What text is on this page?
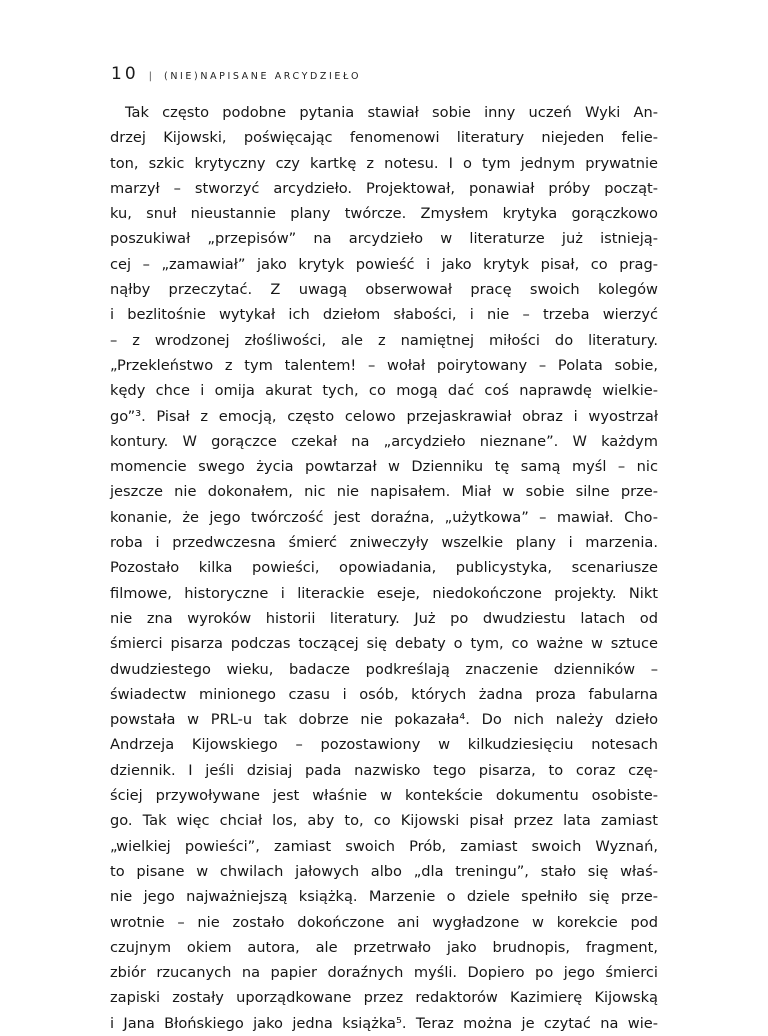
10 | (NIE)NAPISANE ARCYDZIEŁO
Tak często podobne pytania stawiał sobie inny uczeń Wyki An-
drzej Kijowski, poświęcając fenomenowi literatury niejeden felie-
ton, szkic krytyczny czy kartkę z notesu. I o tym jednym prywatnie
marzył – stworzyć arcydzieło. Projektował, ponawiał próby począt-
ku, snuł nieustannie plany twórcze. Zmysłem krytyka gorączkowo
poszukiwał „przepisów” na arcydzieło w literaturze już istnieją-
cej – „zamawiał” jako krytyk powieść i jako krytyk pisał, co prag-
nąłby przeczytać. Z uwagą obserwował pracę swoich kolegów
i bezlitośnie wytykał ich dziełom słabości, i nie – trzeba wierzyć
– z wrodzonej złośliwości, ale z namiętnej miłości do literatury.
„Przekleństwo z tym talentem! – wołał poirytowany – Polata sobie,
kędy chce i omija akurat tych, co mogą dać coś naprawdę wielkie-
go”³. Pisał z emocją, często celowo przejaskrawiał obraz i wyostrzał
kontury. W gorączce czekał na „arcydzieło nieznane”. W każdym
momencie swego życia powtarzał w Dzienniku tę samą myśl – nic
jeszcze nie dokonałem, nic nie napisałem. Miał w sobie silne prze-
konanie, że jego twórczość jest doraźna, „użytkowa” – mawiał. Cho-
roba i przedwczesna śmierć zniweczyły wszelkie plany i marzenia.
Pozostało kilka powieści, opowiadania, publicystyka, scenariusze
filmowe, historyczne i literackie eseje, niedokończone projekty. Nikt
nie zna wyroków historii literatury. Już po dwudziestu latach od
śmierci pisarza podczas toczącej się debaty o tym, co ważne w sztuce
dwudziestego wieku, badacze podkreślają znaczenie dzienników –
świadectw minionego czasu i osób, których żadna proza fabularna
powstała w PRL-u tak dobrze nie pokazała⁴. Do nich należy dzieło
Andrzeja Kijowskiego – pozostawiony w kilkudziesięciu notesach
dziennik. I jeśli dzisiaj pada nazwisko tego pisarza, to coraz czę-
ściej przywoływane jest właśnie w kontekście dokumentu osobiste-
go. Tak więc chciał los, aby to, co Kijowski pisał przez lata zamiast
„wielkiej powieści”, zamiast swoich Prób, zamiast swoich Wyznań,
to pisane w chwilach jałowych albo „dla treningu”, stało się właś-
nie jego najważniejszą książką. Marzenie o dziele spełniło się prze-
wrotnie – nie zostało dokończone ani wygładzone w korekcie pod
czujnym okiem autora, ale przetrwało jako brudnopis, fragment,
zbiór rzucanych na papier doraźnych myśli. Dopiero po jego śmierci
zapiski zostały uporządkowane przez redaktorów Kazimierę Kijowską
i Jana Błońskiego jako jedna książka⁵. Teraz można je czytać na wie-
